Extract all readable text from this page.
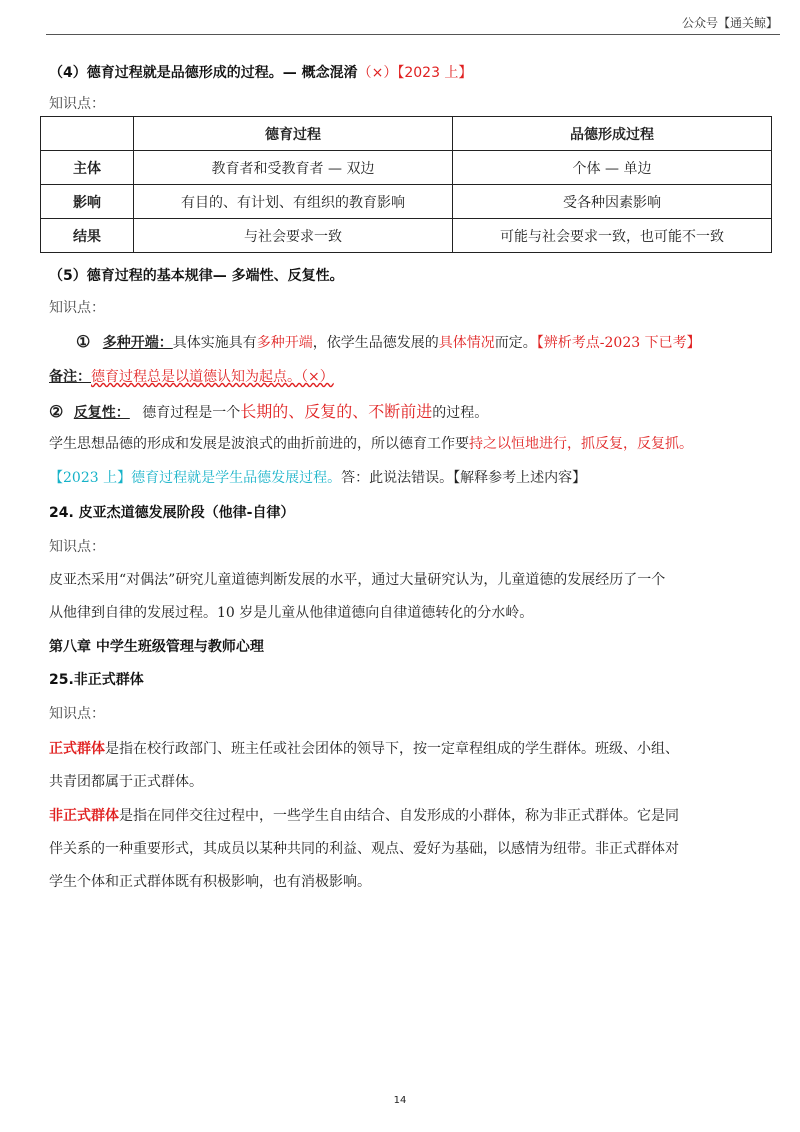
公众号【通关鲸】
（4）德育过程就是品德形成的过程。— 概念混淆（×）【2023 上】
知识点：
	德育过程	品德形成过程
主体	教育者和受教育者 — 双边	个体 — 单边
影响	有目的、有计划、有组织的教育影响	受各种因素影响
结果	与社会要求一致	可能与社会要求一致，也可能不一致
（5）德育过程的基本规律— 多端性、反复性。
知识点：
① 多种开端：具体实施具有多种开端，依学生品德发展的具体情况而定。【辨析考点-2023 下已考】
备注：德育过程总是以道德认知为起点。（×）
② 反复性： 德育过程是一个长期的、反复的、不断前进的过程。
学生思想品德的形成和发展是波浪式的曲折前进的，所以德育工作要持之以恒地进行，抓反复，反复抓。
【2023 上】德育过程就是学生品德发展过程。答：此说法错误。【解释参考上述内容】
24. 皮亚杰道德发展阶段（他律-自律）
知识点：
皮亚杰采用“对偶法”研究儿童道德判断发展的水平，通过大量研究认为，儿童道德的发展经历了一个
从他律到自律的发展过程。10 岁是儿童从他律道德向自律道德转化的分水岭。
第八章 中学生班级管理与教师心理
25.非正式群体
知识点：
正式群体是指在校行政部门、班主任或社会团体的领导下，按一定章程组成的学生群体。班级、小组、
共青团都属于正式群体。
非正式群体是指在同伴交往过程中，一些学生自由结合、自发形成的小群体，称为非正式群体。它是同
伴关系的一种重要形式，其成员以某种共同的利益、观点、爱好为基础，以感情为纽带。非正式群体对
学生个体和正式群体既有积极影响，也有消极影响。
14
